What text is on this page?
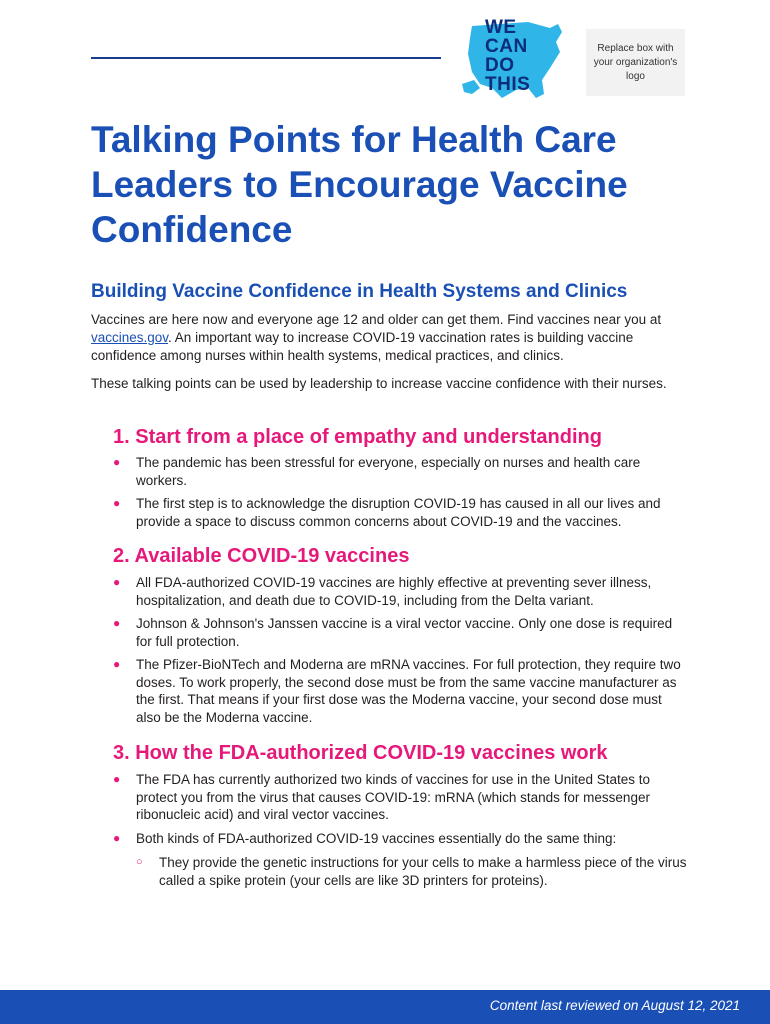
WE
CAN
DO
THIS
Replace box with your organization's logo
Talking Points for Health Care Leaders to Encourage Vaccine Confidence
Building Vaccine Confidence in Health Systems and Clinics

Vaccines are here now and everyone age 12 and older can get them. Find vaccines near you at vaccines.gov. An important way to increase COVID-19 vaccination rates is building vaccine confidence among nurses within health systems, medical practices, and clinics.

These talking points can be used by leadership to increase vaccine confidence with their nurses.

1. Start from a place of empathy and understanding
● The pandemic has been stressful for everyone, especially on nurses and health care workers.
● The first step is to acknowledge the disruption COVID-19 has caused in all our lives and provide a space to discuss common concerns about COVID-19 and the vaccines.
2. Available COVID-19 vaccines
● All FDA-authorized COVID-19 vaccines are highly effective at preventing sever illness, hospitalization, and death due to COVID-19, including from the Delta variant.
● Johnson & Johnson's Janssen vaccine is a viral vector vaccine. Only one dose is required for full protection.
● The Pfizer-BioNTech and Moderna are mRNA vaccines. For full protection, they require two doses. To work properly, the second dose must be from the same vaccine manufacturer as the first. That means if your first dose was the Moderna vaccine, your second dose must also be the Moderna vaccine.
3. How the FDA-authorized COVID-19 vaccines work
● The FDA has currently authorized two kinds of vaccines for use in the United States to protect you from the virus that causes COVID-19: mRNA (which stands for messenger ribonucleic acid) and viral vector vaccines.
● Both kinds of FDA-authorized COVID-19 vaccines essentially do the same thing:
○ They provide the genetic instructions for your cells to make a harmless piece of the virus called a spike protein (your cells are like 3D printers for proteins).
Content last reviewed on August 12, 2021
